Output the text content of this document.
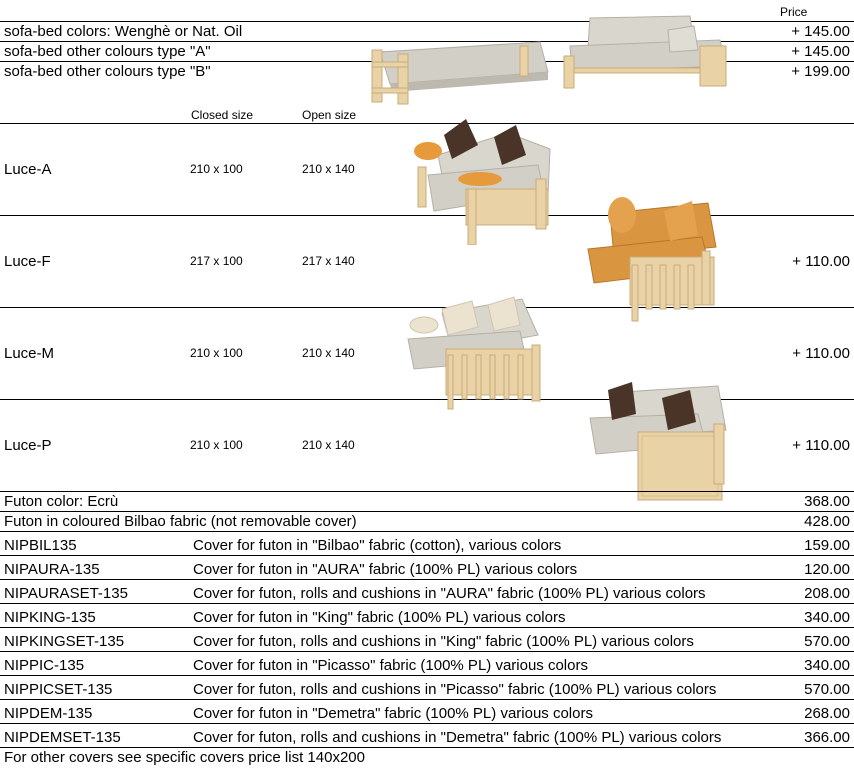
Price
sofa-bed colors: Wenghè or Nat. Oil	+ 145.00
sofa-bed other colours type "A"	+ 145.00
sofa-bed other colours type "B"	+ 199.00
Closed size	Open size
Luce-A	210 x 100	210 x 140
Luce-F	217 x 100	217 x 140	+ 110.00
Luce-M	210 x 100	210 x 140	+ 110.00
Luce-P	210 x 100	210 x 140	+ 110.00
Futon color: Ecrù	368.00
Futon in coloured Bilbao fabric (not removable cover)	428.00
NIPBIL135	Cover for futon in "Bilbao" fabric (cotton), various colors	159.00
NIPAURA-135	Cover for futon in "AURA" fabric (100% PL) various colors	120.00
NIPAURASET-135	Cover for futon, rolls and cushions in "AURA" fabric (100% PL) various colors	208.00
NIPKING-135	Cover for futon in "King" fabric (100% PL) various colors	340.00
NIPKINGSET-135	Cover for futon, rolls and cushions in "King" fabric (100% PL) various colors	570.00
NIPPIC-135	Cover for futon in "Picasso" fabric (100% PL) various colors	340.00
NIPPICSET-135	Cover for futon, rolls and cushions in "Picasso" fabric (100% PL) various colors	570.00
NIPDEM-135	Cover for futon in "Demetra" fabric (100% PL) various colors	268.00
NIPDEMSET-135	Cover for futon, rolls and cushions in "Demetra" fabric (100% PL) various colors	366.00
For other covers see specific covers price list 140x200
